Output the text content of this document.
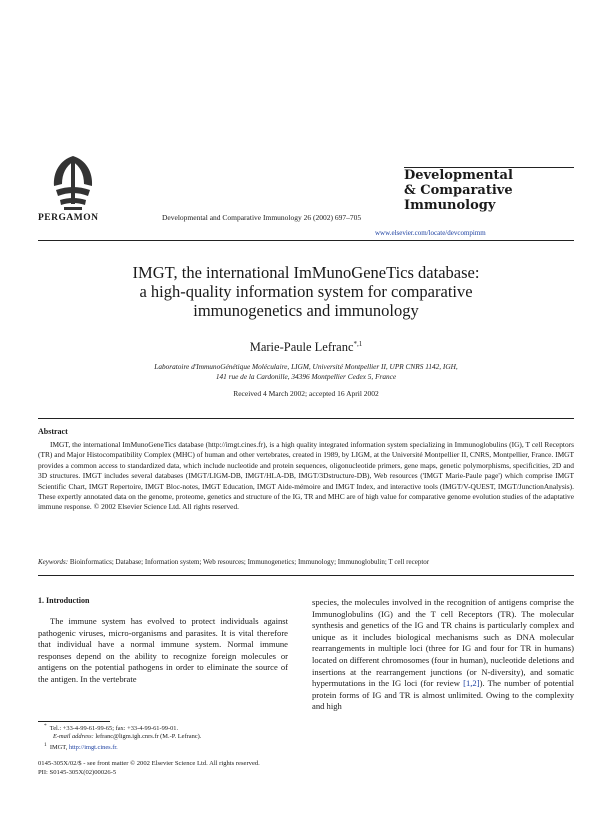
PERGAMON	Developmental and Comparative Immunology 26 (2002) 697–705
Developmental
& Comparative
Immunology
www.elsevier.com/locate/devcompimm
IMGT, the international ImMunoGeneTics database:
a high-quality information system for comparative
immunogenetics and immunology
Marie-Paule Lefranc$^{*,1}$
Laboratoire d'ImmunoGénétique Moléculaire, LIGM, Université Montpellier II, UPR CNRS 1142, IGH,
141 rue de la Cardonille, 34396 Montpellier Cedex 5, France
Received 4 March 2002; accepted 16 April 2002
Abstract
IMGT, the international ImMunoGeneTics database (http://imgt.cines.fr), is a high quality integrated information system specializing in Immunoglobulins (IG), T cell Receptors (TR) and Major Histocompatibility Complex (MHC) of human and other vertebrates, created in 1989, by LIGM, at the Université Montpellier II, CNRS, Montpellier, France. IMGT provides a common access to standardized data, which include nucleotide and protein sequences, oligonucleotide primers, gene maps, genetic polymorphisms, specificities, 2D and 3D structures. IMGT includes several databases (IMGT/LIGM-DB, IMGT/HLA-DB, IMGT/3Dstructure-DB), Web resources ('IMGT Marie-Paule page') which comprise IMGT Scientific Chart, IMGT Repertoire, IMGT Bloc-notes, IMGT Education, IMGT Aide-mémoire and IMGT Index, and interactive tools (IMGT/V-QUEST, IMGT/JunctionAnalysis). These expertly annotated data on the genome, proteome, genetics and structure of the IG, TR and MHC are of high value for comparative genome evolution studies of the adaptative immune response. © 2002 Elsevier Science Ltd. All rights reserved.
Keywords: Bioinformatics; Database; Information system; Web resources; Immunogenetics; Immunology; Immunoglobulin; T cell receptor
1. Introduction
The immune system has evolved to protect individuals against pathogenic viruses, micro-organisms and parasites. It is vital therefore that individual have a normal immune system. Normal immune responses depend on the ability to recognize foreign molecules or antigens on the potential pathogens in order to eliminate the source of the antigen. In the vertebrate
species, the molecules involved in the recognition of antigens comprise the Immunoglobulins (IG) and the T cell Receptors (TR). The molecular synthesis and genetics of the IG and TR chains is particularly complex and unique as it includes biological mechanisms such as DNA molecular rearrangements in multiple loci (three for IG and four for TR in humans) located on different chromosomes (four in human), nucleotide deletions and insertions at the rearrangement junctions (or N-diversity), and somatic hypermutations in the IG loci (for review [1,2]). The number of potential protein forms of IG and TR is almost unlimited. Owing to the complexity and high
* Tel.: +33-4-99-61-99-65; fax: +33-4-99-61-99-01.
E-mail address: lefranc@ligm.igh.cnrs.fr (M.-P. Lefranc).
$^1$ IMGT, http://imgt.cines.fr.
0145-305X/02/$ - see front matter © 2002 Elsevier Science Ltd. All rights reserved.
PII: S0145-305X(02)00026-5
